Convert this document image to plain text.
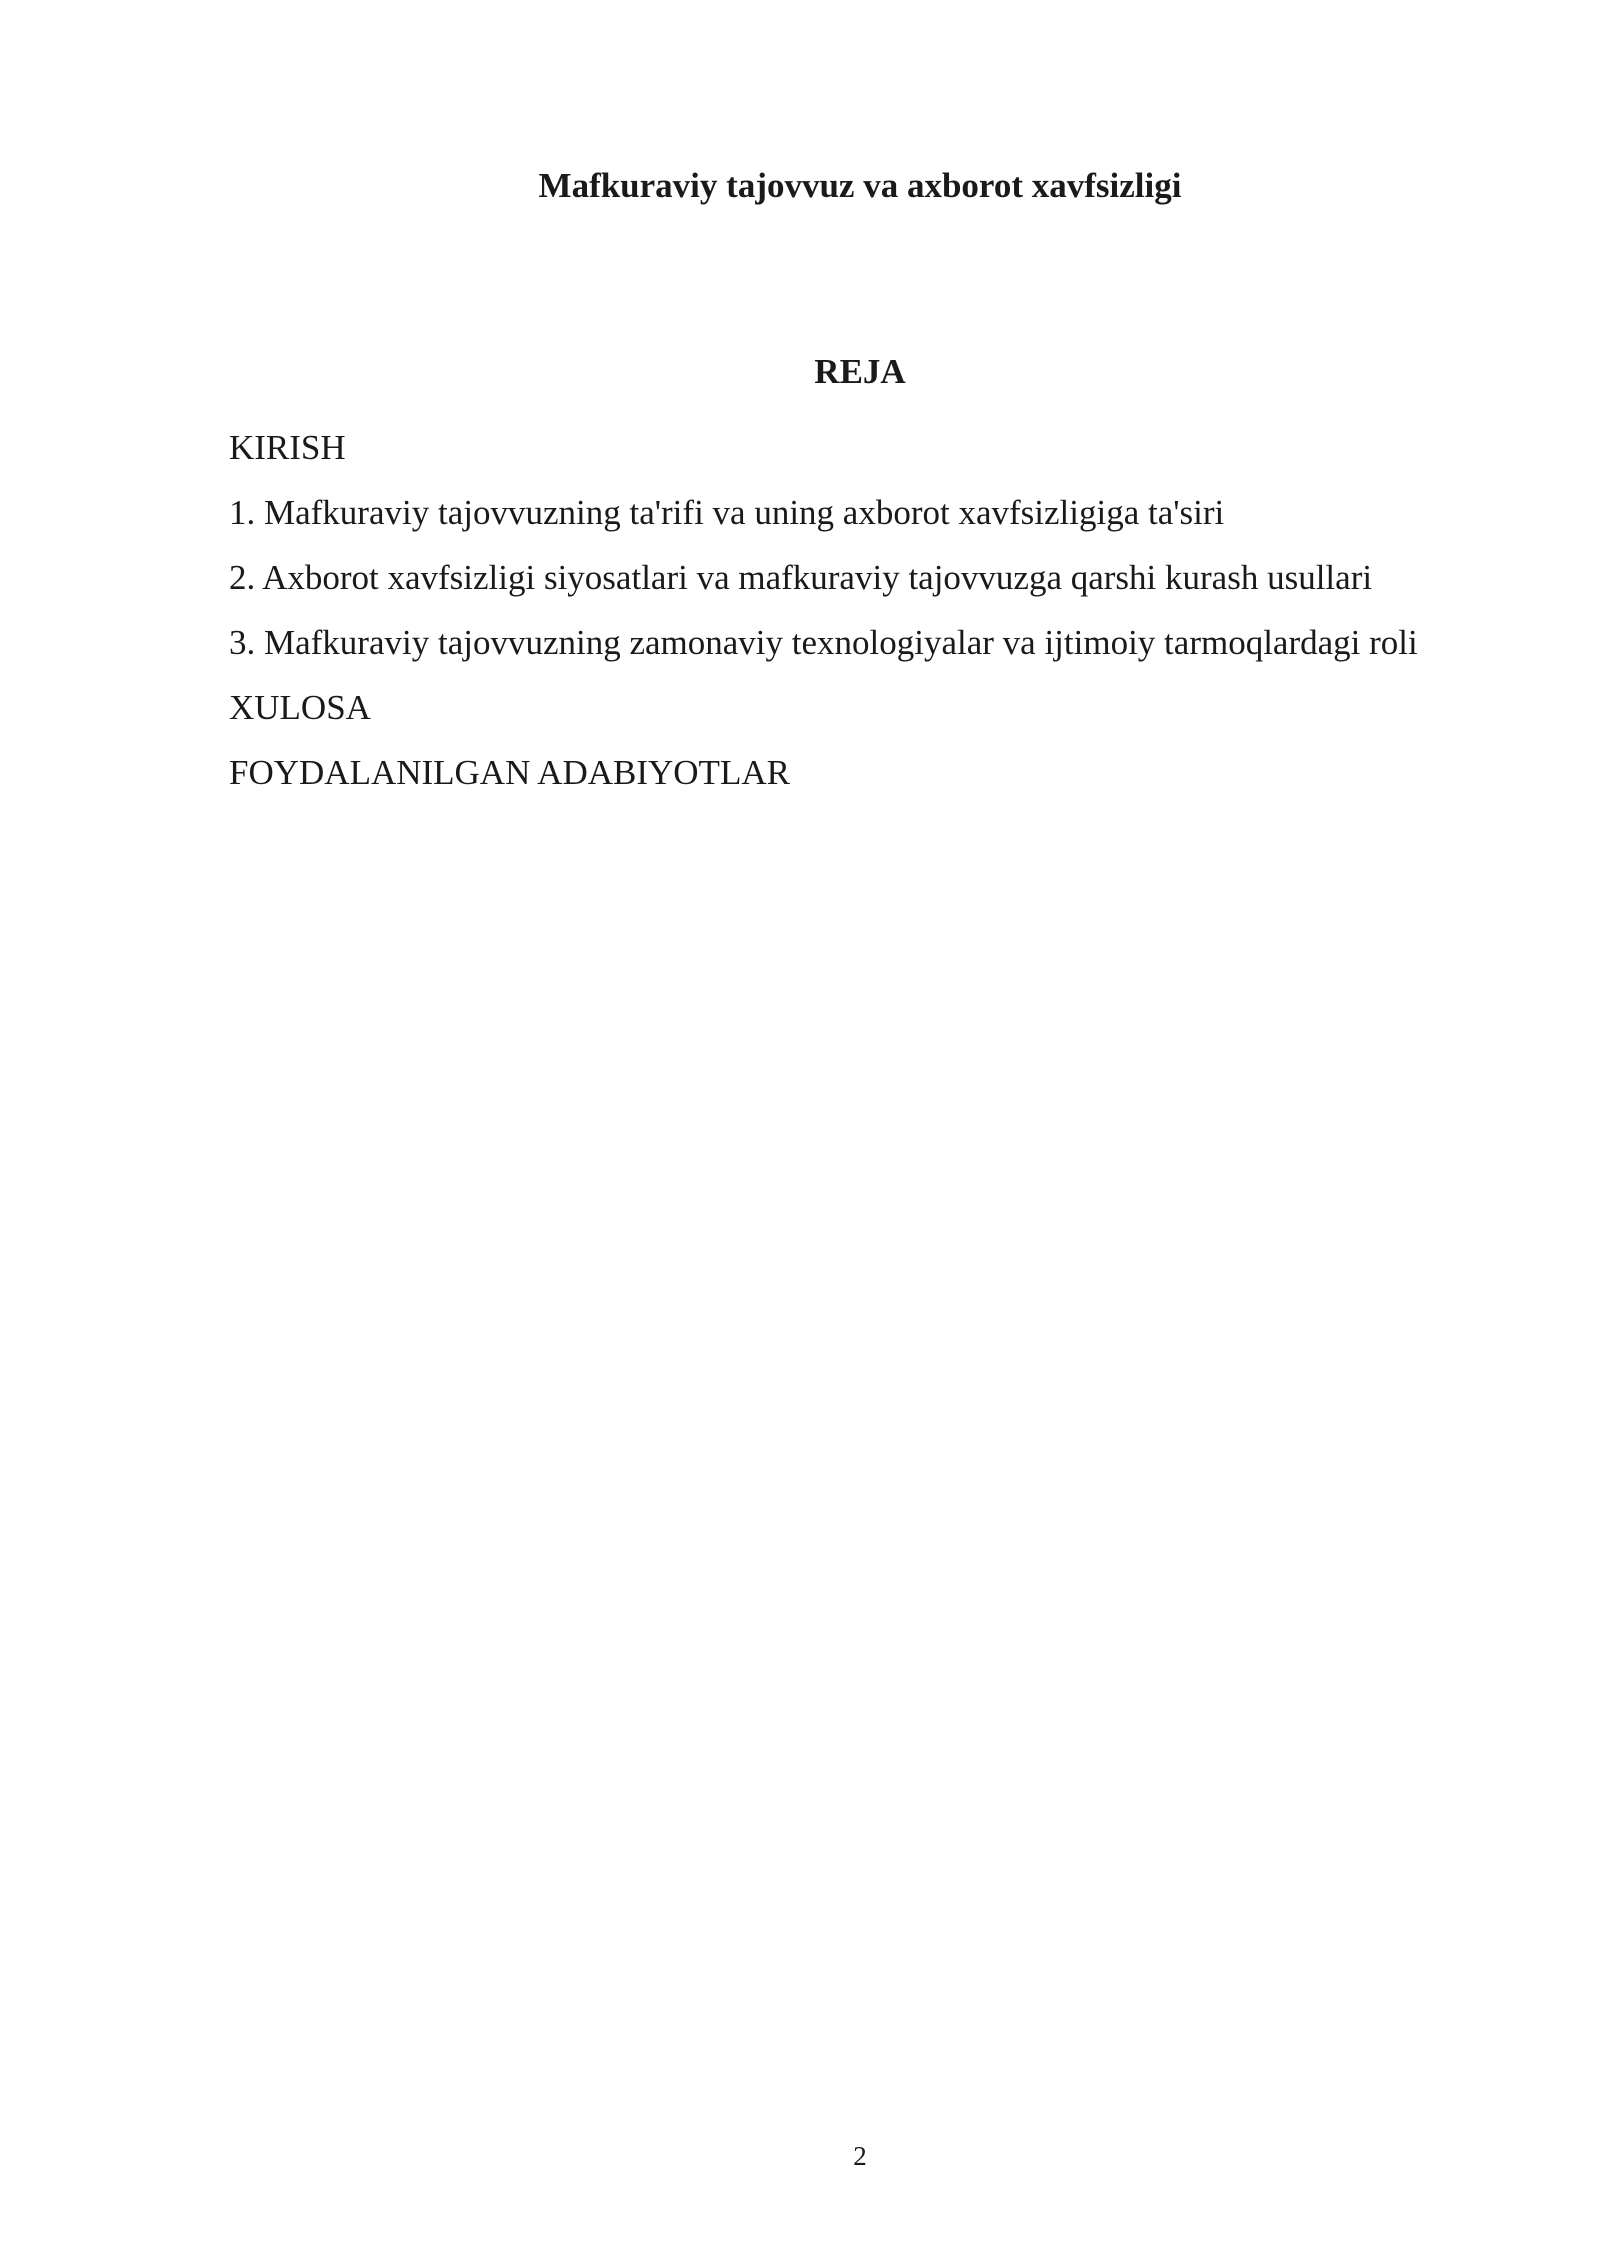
Mafkuraviy tajovvuz va axborot xavfsizligi
REJA
KIRISH
1. Mafkuraviy tajovvuzning ta'rifi va uning axborot xavfsizligiga ta'siri
2. Axborot xavfsizligi siyosatlari va mafkuraviy tajovvuzga qarshi kurash usullari
3. Mafkuraviy tajovvuzning zamonaviy texnologiyalar va ijtimoiy tarmoqlardagi roli
XULOSA
FOYDALANILGAN ADABIYOTLAR
2
